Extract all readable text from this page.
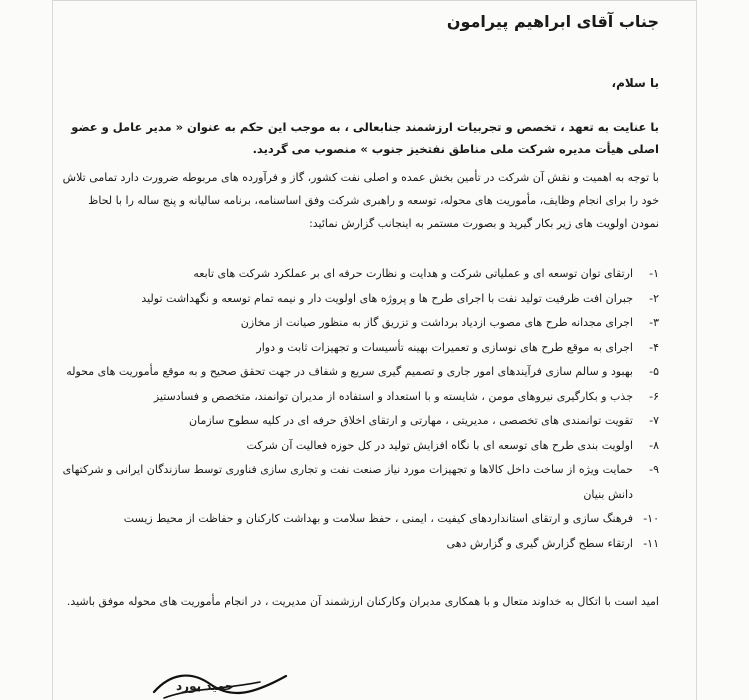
جناب آقای ابراهیم پیرامون
با سلام،
با عنایت به تعهد ، تخصص و تجربیات ارزشمند جنابعالی ، به موجب این حکم به عنوان « مدیر عامل و عضو اصلی هیأت مدیره شرکت ملی مناطق نفتخیز جنوب » منصوب می گردید.
با توجه به اهمیت و نقش آن شرکت در تأمین بخش عمده و اصلی نفت کشور، گاز و فرآورده های مربوطه ضرورت دارد تمامی تلاش خود را برای انجام وظایف، مأموریت های محوله، توسعه و راهبری شرکت وفق اساسنامه، برنامه سالیانه و پنج ساله را با لحاظ نمودن اولویت های زیر بکار گیرید و بصورت مستمر به اینجانب گزارش نمائید:
۱-
ارتقای توان توسعه ای و عملیاتی شرکت و هدایت و نظارت حرفه ای بر عملکرد شرکت های تابعه
۲-
جبران افت ظرفیت تولید نفت با اجرای طرح ها و پروژه های اولویت دار و نیمه تمام توسعه و نگهداشت تولید
۳-
اجرای مجدانه طرح های مصوب ازدیاد برداشت و تزریق گاز به منظور صیانت از مخازن
۴-
اجرای به موقع طرح های نوسازی و تعمیرات بهینه تأسیسات و تجهیزات ثابت و دوار
۵-
بهبود و سالم سازی فرآیندهای امور جاری و تصمیم گیری سریع و شفاف در جهت تحقق صحیح و به موقع مأموریت های محوله
۶-
جذب و بکارگیری نیروهای مومن ، شایسته و با استعداد و استفاده از مدیران توانمند، متخصص و فسادستیز
۷-
تقویت توانمندی های تخصصی ، مدیریتی ، مهارتی و ارتقای اخلاق حرفه ای در کلیه سطوح سازمان
۸-
اولویت بندی طرح های توسعه ای با نگاه افزایش تولید در کل حوزه فعالیت آن شرکت
۹-
حمایت ویژه از ساخت داخل کالاها و تجهیزات مورد نیاز صنعت نفت و تجاری سازی فناوری توسط سازندگان ایرانی و شرکتهای دانش بنیان
۱۰-
فرهنگ سازی و ارتقای استانداردهای کیفیت ، ایمنی ، حفظ سلامت و بهداشت کارکنان و حفاظت از محیط زیست
۱۱-
ارتقاء سطح گزارش گیری و گزارش دهی
امید است با اتکال به خداوند متعال و با همکاری مدیران وکارکنان ارزشمند آن مدیریت ، در انجام مأموریت های محوله موفق باشید.
جمید بورد
